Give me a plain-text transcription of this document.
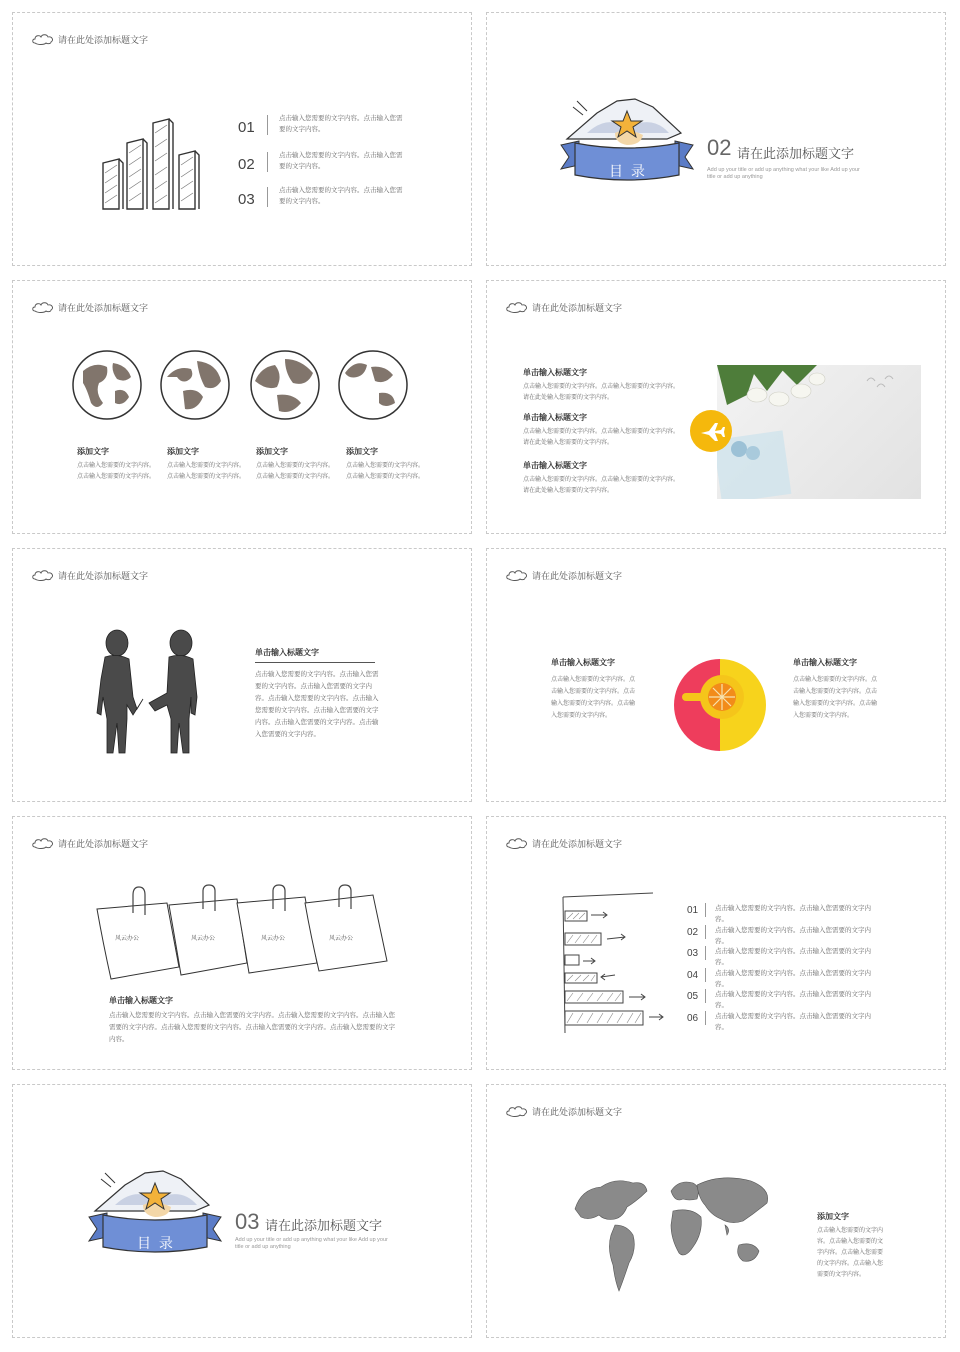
请在此处添加标题文字
01
点击输入您需要的文字内容。点击输入您需要的文字内容。
02
点击输入您需要的文字内容。点击输入您需要的文字内容。
03
点击输入您需要的文字内容。点击输入您需要的文字内容。
目 录
02 请在此添加标题文字
Add up your title or add up anything what your like Add up your title or add up anything
请在此处添加标题文字
添加文字
点击输入您需要的文字内容。点击输入您需要的文字内容。
添加文字
点击输入您需要的文字内容。点击输入您需要的文字内容。
添加文字
点击输入您需要的文字内容。点击输入您需要的文字内容。
添加文字
点击输入您需要的文字内容。点击输入您需要的文字内容。
请在此处添加标题文字
单击输入标题文字
点击输入您需要的文字内容。点击输入您需要的文字内容。请在此处输入您需要的文字内容。
单击输入标题文字
点击输入您需要的文字内容。点击输入您需要的文字内容。请在此处输入您需要的文字内容。
单击输入标题文字
点击输入您需要的文字内容。点击输入您需要的文字内容。请在此处输入您需要的文字内容。
请在此处添加标题文字
单击输入标题文字
点击输入您需要的文字内容。点击输入您需要的文字内容。点击输入您需要的文字内容。点击输入您需要的文字内容。点击输入您需要的文字内容。点击输入您需要的文字内容。点击输入您需要的文字内容。点击输入您需要的文字内容。
请在此处添加标题文字
单击输入标题文字
点击输入您需要的文字内容。点击输入您需要的文字内容。点击输入您需要的文字内容。点击输入您需要的文字内容。
单击输入标题文字
点击输入您需要的文字内容。点击输入您需要的文字内容。点击输入您需要的文字内容。点击输入您需要的文字内容。
请在此处添加标题文字
风云办公	风云办公	风云办公	风云办公
单击输入标题文字
点击输入您需要的文字内容。点击输入您需要的文字内容。点击输入您需要的文字内容。点击输入您需要的文字内容。点击输入您需要的文字内容。点击输入您需要的文字内容。点击输入您需要的文字内容。
请在此处添加标题文字
01	点击输入您需要的文字内容。点击输入您需要的文字内容。
02	点击输入您需要的文字内容。点击输入您需要的文字内容。
03	点击输入您需要的文字内容。点击输入您需要的文字内容。
04	点击输入您需要的文字内容。点击输入您需要的文字内容。
05	点击输入您需要的文字内容。点击输入您需要的文字内容。
06	点击输入您需要的文字内容。点击输入您需要的文字内容。
目 录
03 请在此添加标题文字
Add up your title or add up anything what your like Add up your title or add up anything
请在此处添加标题文字
添加文字
点击输入您需要的文字内容。点击输入您需要的文字内容。点击输入您需要的文字内容。点击输入您需要的文字内容。
